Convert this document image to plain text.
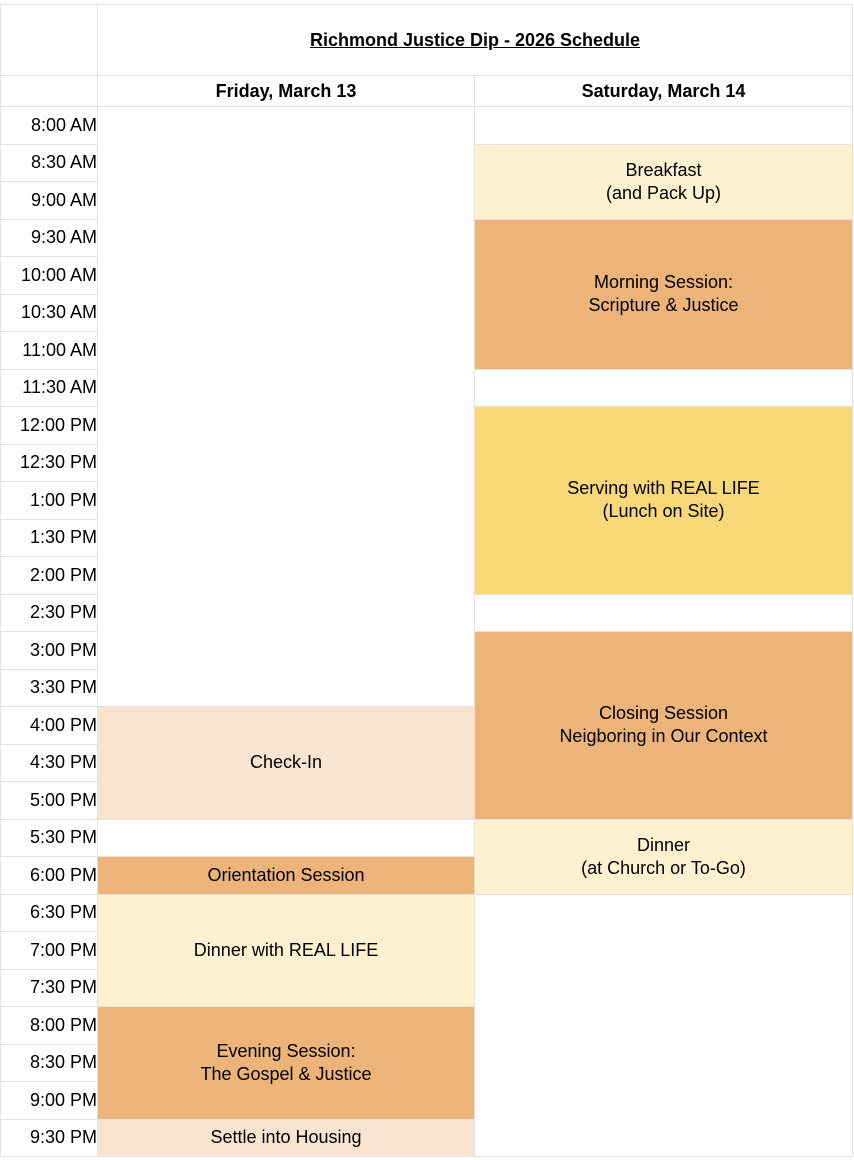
	Richmond Justice Dip - 2026 Schedule	
	Friday, March 13	Saturday, March 14
8:00 AM		
8:30 AM		Breakfast
(and Pack Up)

9:00 AM		
9:30 AM		Morning Session:
Scripture & Justice

10:00 AM		
10:30 AM		
11:00 AM		
11:30 AM		
12:00 PM		Serving with REAL LIFE
(Lunch on Site)

12:30 PM		
1:00 PM		
1:30 PM		
2:00 PM		
2:30 PM		
3:00 PM		Closing Session
Neigboring in Our Context

3:30 PM		
4:00 PM	Check-In	

4:30 PM		
5:00 PM		
5:30 PM		Dinner
(at Church or To-Go)

6:00 PM	Orientation Session	

6:30 PM	Dinner with REAL LIFE	

7:00 PM		
7:30 PM		
8:00 PM	Evening Session:
The Gospel & Justice	

8:30 PM		
9:00 PM		
9:30 PM	Settle into Housing	
